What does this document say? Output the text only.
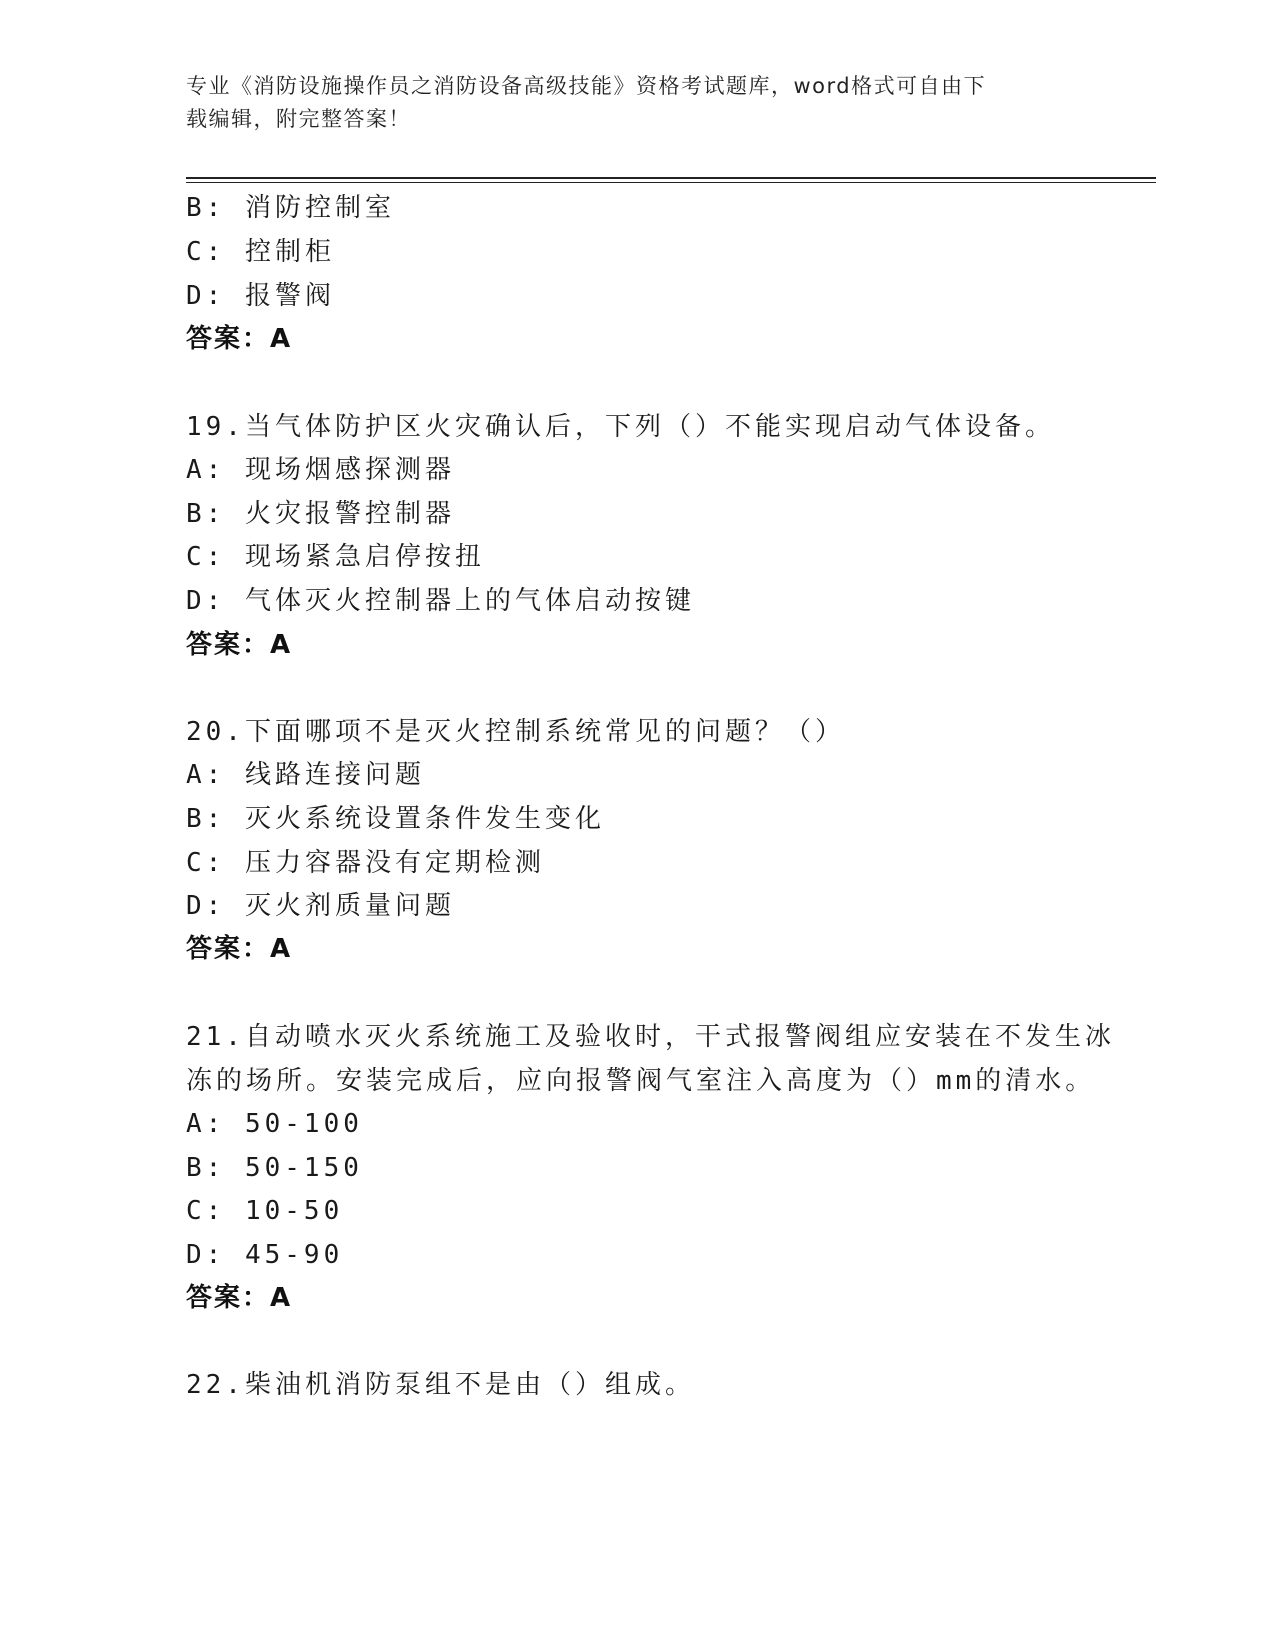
专业《消防设施操作员之消防设备高级技能》资格考试题库，word格式可自由下
载编辑，附完整答案！
B: 消防控制室
C: 控制柜
D: 报警阀
答案：A
19.当气体防护区火灾确认后，下列（）不能实现启动气体设备。
A: 现场烟感探测器
B: 火灾报警控制器
C: 现场紧急启停按扭
D: 气体灭火控制器上的气体启动按键
答案：A
20.下面哪项不是灭火控制系统常见的问题？（）
A: 线路连接问题
B: 灭火系统设置条件发生变化
C: 压力容器没有定期检测
D: 灭火剂质量问题
答案：A
21.自动喷水灭火系统施工及验收时，干式报警阀组应安装在不发生冰
冻的场所。安装完成后，应向报警阀气室注入高度为（）mm的清水。
A: 50-100
B: 50-150
C: 10-50
D: 45-90
答案：A
22.柴油机消防泵组不是由（）组成。
